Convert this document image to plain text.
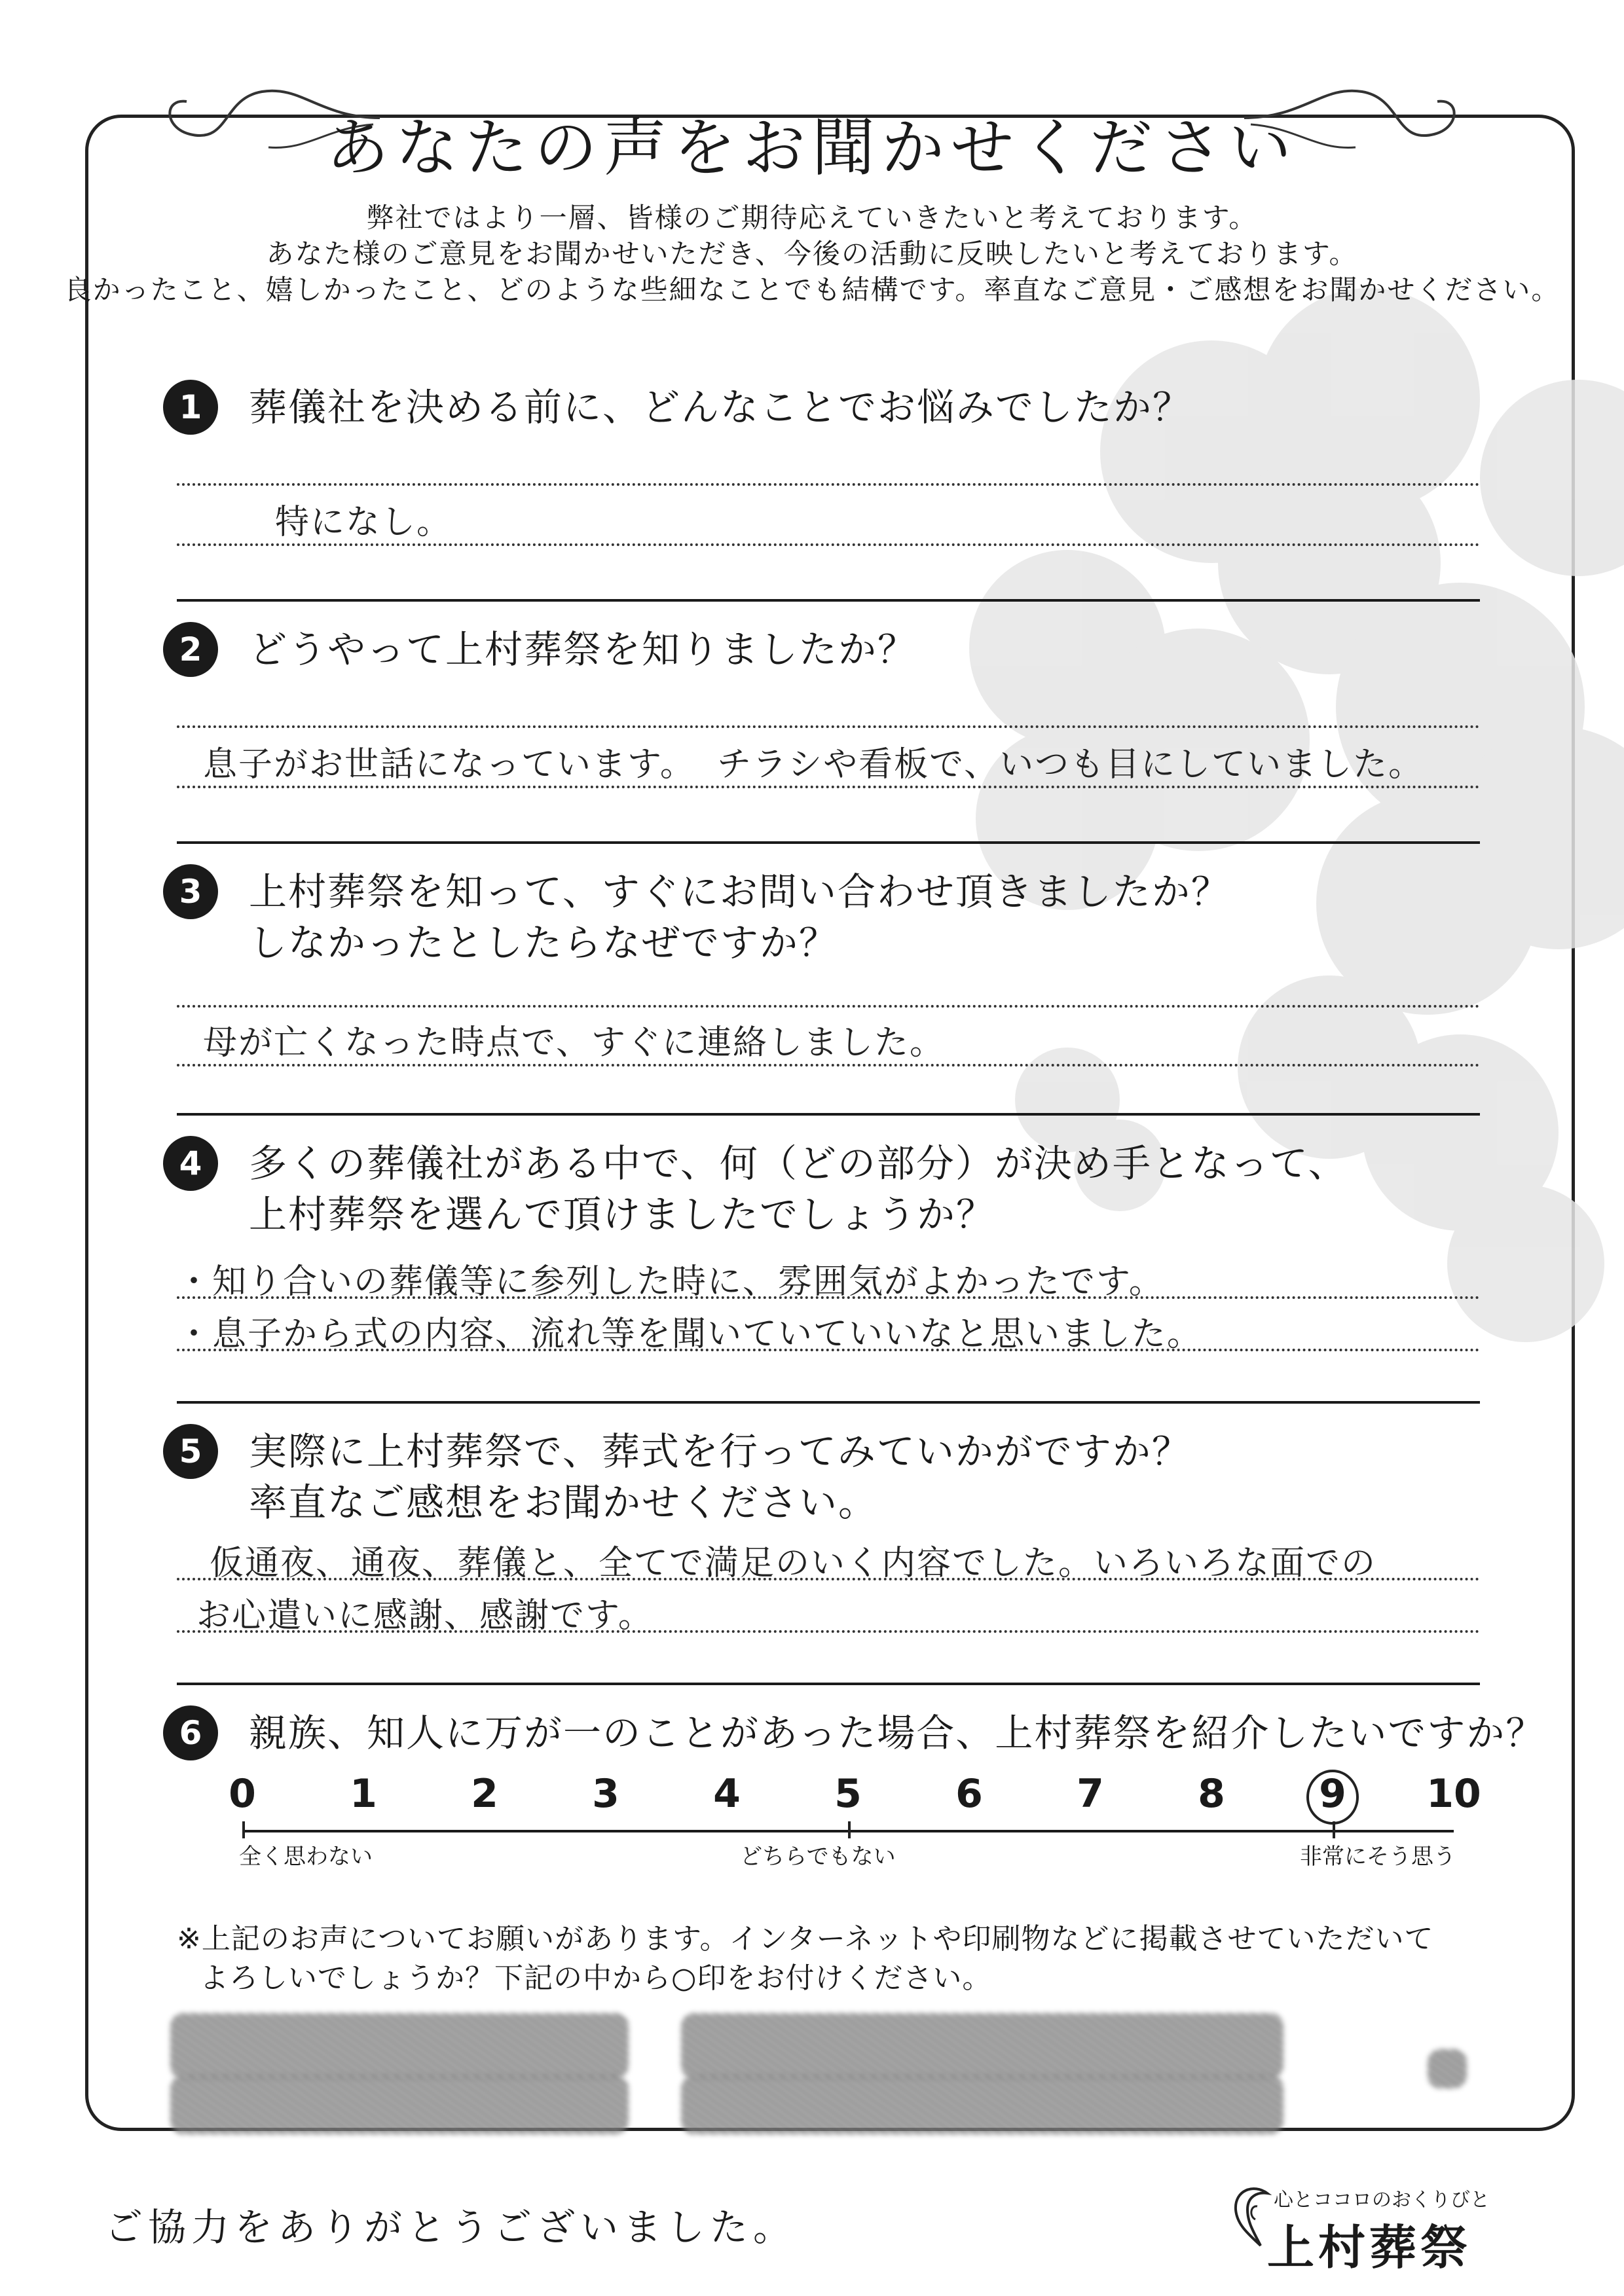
あなたの声をお聞かせください
弊社ではより一層、皆様のご期待応えていきたいと考えております。
あなた様のご意見をお聞かせいただき、今後の活動に反映したいと考えております。
良かったこと、嬉しかったこと、どのような些細なことでも結構です。率直なご意見・ご感想をお聞かせください。
1	葬儀社を決める前に、どんなことでお悩みでしたか？
特になし。
2	どうやって上村葬祭を知りましたか？
息子がお世話になっています。 チラシや看板で、いつも目にしていました。
3	上村葬祭を知って、すぐにお問い合わせ頂きましたか？
しなかったとしたらなぜですか？
母が亡くなった時点で、すぐに連絡しました。
4	多くの葬儀社がある中で、何（どの部分）が決め手となって、
上村葬祭を選んで頂けましたでしょうか？
・知り合いの葬儀等に参列した時に、雰囲気がよかったです。
・息子から式の内容、流れ等を聞いていていいなと思いました。
5	実際に上村葬祭で、葬式を行ってみていかがですか？
率直なご感想をお聞かせください。
仮通夜、通夜、葬儀と、全てで満足のいく内容でした。いろいろな面での
お心遣いに感謝、感謝です。
6	親族、知人に万が一のことがあった場合、上村葬祭を紹介したいですか？
0	1	2	3	4	5	6	7	8	9	10
全く思わない	どちらでもない	非常にそう思う
※上記のお声についてお願いがあります。インターネットや印刷物などに掲載させていただいて
よろしいでしょうか？下記の中から○印をお付けください。
ご協力をありがとうございました。
心とココロのおくりびと
上村葬祭
